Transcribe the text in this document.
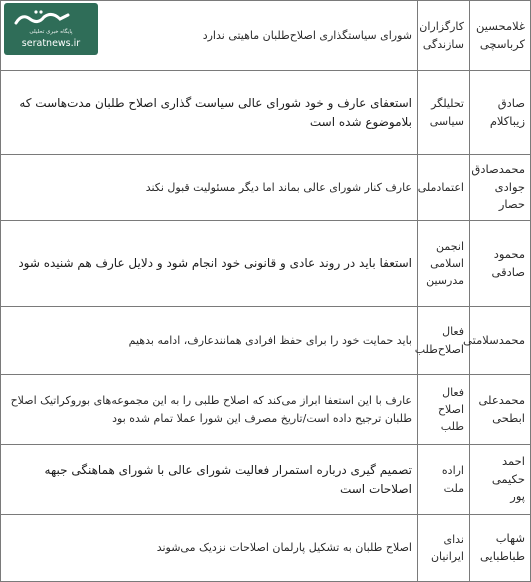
غلامحسین کرباسچی	کارگزاران سازندگی	شورای سیاستگذاری اصلاح‌طلبان ماهیتی ندارد
صادق زیباکلام	تحلیلگر سیاسی	استعفای عارف و خود شورای عالی سیاست گذاری اصلاح طلبان مدت‌هاست که بلاموضوع شده است
محمدصادق جوادی حصار	اعتمادملی	عارف کنار شورای عالی بماند اما دیگر مسئولیت قبول نکند
محمود صادقی	انجمن اسلامی مدرسین	استعفا باید در روند عادی و قانونی خود انجام شود و دلایل عارف هم شنیده شود
محمدسلامتی	فعال اصلاح‌طلب	باید حمایت خود را برای حفظ افرادی همانندعارف، ادامه بدهیم
محمدعلی ابطحی	فعال اصلاح طلب	عارف با این استعفا ابراز می‌کند که اصلاح طلبی را به این مجموعه‌های بوروکراتیک اصلاح طلبان ترجیح داده است/تاریخ مصرف این شورا عملا تمام شده بود
احمد حکیمی پور	اراده ملت	تصمیم گیری درباره استمرار فعالیت شورای عالی با شورای هماهنگی جبهه اصلاحات است
شهاب طباطبایی	ندای ایرانیان	اصلاح طلبان به تشکیل پارلمان اصلاحات نزدیک می‌شوند
پایگاه خبری تحلیلی
seratnews.ir
